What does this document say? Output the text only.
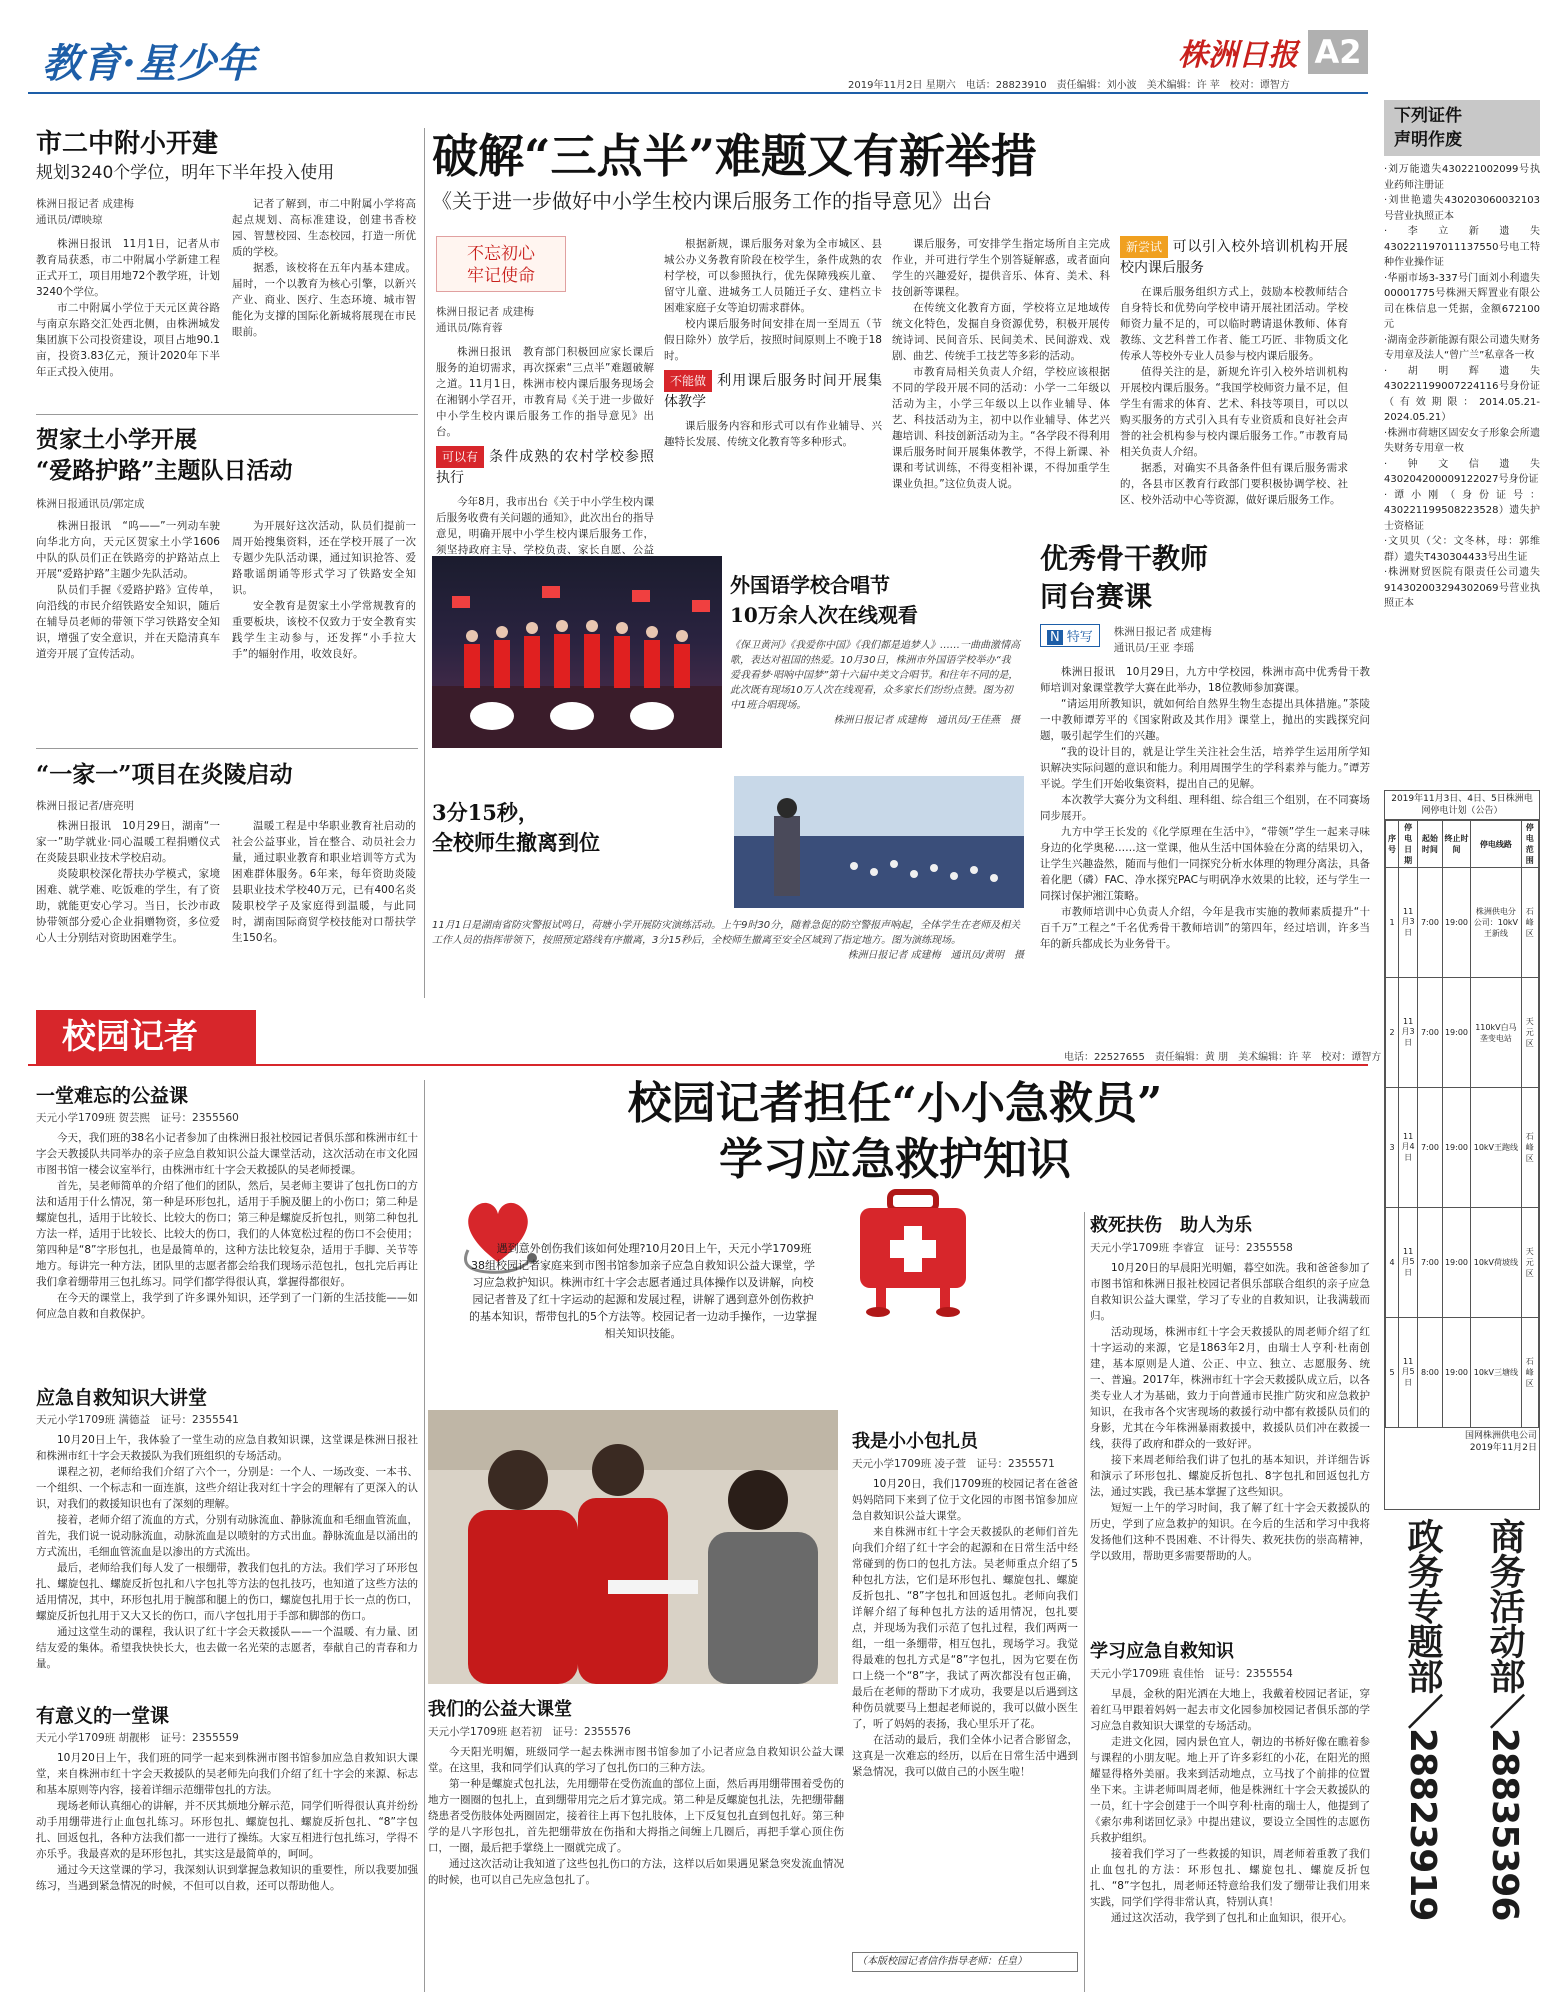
教育·星少年	株洲日报 A2
2019年11月2日 星期六　电话：28823910　责任编辑：刘小波　美术编辑：许 苹　校对：谭智方
市二中附小开建
规划3240个学位，明年下半年投入使用
株洲日报记者 成建梅
通讯员/谭映琼

株洲日报讯　11月1日，记者从市教育局获悉，市二中附属小学新建工程正式开工，项目用地72个教学班，计划3240个学位。

市二中附属小学位于天元区黄谷路与南京东路交汇处西北侧，由株洲城发集团旗下公司投资建设，项目占地90.1亩，投资3.83亿元，预计2020年下半年正式投入使用。

记者了解到，市二中附属小学将高起点规划、高标准建设，创建书香校园、智慧校园、生态校园，打造一所优质的学校。

据悉，该校将在五年内基本建成。届时，一个以教育为核心引擎，以新兴产业、商业、医疗、生态环境、城市智能化为支撑的国际化新城将展现在市民眼前。

贺家土小学开展
“爱路护路”主题队日活动
株洲日报通讯员/郭定成

株洲日报讯　“呜——”一列动车驶向华北方向，天元区贺家土小学1606中队的队员们正在铁路旁的护路站点上开展“爱路护路”主题少先队活动。

队员们手握《爱路护路》宣传单，向沿线的市民介绍铁路安全知识，随后在辅导员老师的带领下学习铁路安全知识，增强了安全意识，并在天隐清真车道旁开展了宣传活动。

为开展好这次活动，队员们提前一周开始搜集资料，还在学校开展了一次专题少先队活动课，通过知识抢答、爱路歌谣朗诵等形式学习了铁路安全知识。

安全教育是贺家土小学常规教育的重要板块，该校不仅致力于安全教育实践学生主动参与，还发挥“小手拉大手”的辐射作用，收效良好。

“一家一”项目在炎陵启动
株洲日报记者/唐亮明

株洲日报讯　10月29日，湖南“一家一”助学就业·同心温暖工程捐赠仪式在炎陵县职业技术学校启动。

炎陵职校深化帮扶办学模式，家境困难、就学难、吃饭难的学生，有了资助，就能更安心学习。当日，长沙市政协带领部分爱心企业捐赠物资，多位爱心人士分别结对资助困难学生。

温暖工程是中华职业教育社启动的社会公益事业，旨在整合、动员社会力量，通过职业教育和职业培训等方式为困难群体服务。6年来，每年资助炎陵县职业技术学校40万元，已有400名炎陵职校学子及家庭得到温暖，与此同时，湖南国际商贸学校技能对口帮扶学生150名。

破解“三点半”难题又有新举措
《关于进一步做好中小学生校内课后服务工作的指导意见》出台
不忘初心
牢记使命
株洲日报记者 成建梅
通讯员/陈育蓉

株洲日报讯　教育部门积极回应家长课后服务的迫切需求，再次探索“三点半”难题破解之道。11月1日，株洲市校内课后服务现场会在湘钢小学召开，市教育局《关于进一步做好中小学生校内课后服务工作的指导意见》出台。

可以有 条件成熟的农村学校参照执行

今年8月，我市出台《关于中小学生校内课后服务收费有关问题的通知》，此次出台的指导意见，明确开展中小学生校内课后服务工作，须坚持政府主导、学校负责、家长自愿、公益

根据新规，课后服务对象为全市城区、县城公办义务教育阶段在校学生，条件成熟的农村学校，可以参照执行，优先保障残疾儿童、留守儿童、进城务工人员随迁子女、建档立卡困难家庭子女等迫切需求群体。

校内课后服务时间安排在周一至周五（节假日除外）放学后，按照时间原则上不晚于18时。

不能做 利用课后服务时间开展集体教学

课后服务内容和形式可以有作业辅导、兴趣特长发展、传统文化教育等多种形式。

课后服务，可安排学生指定场所自主完成作业，并可进行学生个别答疑解惑，或者面向学生的兴趣爱好，提供音乐、体育、美术、科技创新等课程。

在传统文化教育方面，学校将立足地域传统文化特色，发掘自身资源优势，积极开展传统诗词、民间音乐、民间美术、民间游戏、戏剧、曲艺、传统手工技艺等多彩的活动。

市教育局相关负责人介绍，学校应该根据不同的学段开展不同的活动：小学一二年级以活动为主，小学三年级以上以作业辅导、体艺、科技活动为主，初中以作业辅导、体艺兴趣培训、科技创新活动为主。“各学段不得利用课后服务时间开展集体教学，不得上新课、补课和考试训练，不得变相补课，不得加重学生课业负担。”这位负责人说。

新尝试 可以引入校外培训机构开展校内课后服务

在课后服务组织方式上，鼓励本校教师结合自身特长和优势向学校申请开展社团活动。学校师资力量不足的，可以临时聘请退休教师、体育教练、文艺科普工作者、能工巧匠、非物质文化传承人等校外专业人员参与校内课后服务。

值得关注的是，新规允许引入校外培训机构开展校内课后服务。“我国学校师资力量不足，但学生有需求的体育、艺术、科技等项目，可以以购买服务的方式引入具有专业资质和良好社会声誉的社会机构参与校内课后服务工作。”市教育局相关负责人介绍。

据悉，对确实不具备条件但有课后服务需求的，各县市区教育行政部门要积极协调学校、社区、校外活动中心等资源，做好课后服务工作。

外国语学校合唱节
10万余人次在线观看
《保卫黄河》《我爱你中国》《我们都是追梦人》……一曲曲激情高歌，表达对祖国的热爱。10月30日，株洲市外国语学校举办“我爱我看梦·唱响中国梦”第十六届中美文合唱节。和往年不同的是，此次既有现场10万人次在线观看，众多家长们纷纷点赞。图为初中1班合唱现场。
株洲日报记者 成建梅　通讯员/王佳燕　摄
3分15秒，
全校师生撤离到位
11月1日是湖南省防灾警报试鸣日，荷塘小学开展防灾演练活动。上午9时30分，随着急促的防空警报声响起，全体学生在老师及相关工作人员的指挥带领下，按照预定路线有序撤离，3分15秒后，全校师生撤离至安全区域到了指定地方。图为演练现场。
株洲日报记者 成建梅　通讯员/黄明　摄
优秀骨干教师
同台赛课
N 特写	株洲日报记者 成建梅
通讯员/王亚 李瑶

株洲日报讯　10月29日，九方中学校园，株洲市高中优秀骨干教师培训对象课堂教学大赛在此举办，18位教师参加赛课。

“请运用所教知识，就如何给自然界生物生态提出具体措施。”茶陵一中教师谭芳平的《国家附政及其作用》课堂上，抛出的实践探究问题，吸引起学生们的兴趣。

“我的设计目的，就是让学生关注社会生活，培养学生运用所学知识解决实际问题的意识和能力。利用周围学生的学科素养与能力。”谭芳平说。学生们开始收集资料，提出自己的见解。

本次教学大赛分为文科组、理科组、综合组三个组别，在不同赛场同步展开。

九方中学王长发的《化学原理在生活中》，“带领”学生一起来寻味身边的化学奥秘……这一堂课，他从生活中国体验在分离的结果切入，让学生兴趣盎然，随而与他们一同探究分析水体理的物理分离法，具备着化肥（磷）FAC、净水探究PAC与明矾净水效果的比较，还与学生一同探讨保护湘江策略。

市教师培训中心负责人介绍，今年是我市实施的教师素质提升“十百千万”工程之“千名优秀骨干教师培训”的第四年，经过培训，许多当年的新兵都成长为业务骨干。

下列证件
声明作废
·刘万能遗失430221002099号执业药师注册证
·刘世艳遗失430203060032103号营业执照正本
·李立新遗失430221197011137550号电工特种作业操作证
·华丽市场3-337号门面刘小利遗失00001775号株洲天辉置业有限公司在株信息一凭据，金额672100元
·湖南金莎新能源有限公司遗失财务专用章及法人“曾广兰”私章各一枚
·胡明辉遗失430221199007224116号身份证（有效期限：2014.05.21-2024.05.21）
·株洲市荷塘区固安女子形象会所遗失财务专用章一枚
·钟文信遗失430204200009122027号身份证
·谭小刚（身份证号：430221199508223528）遗失护士资格证
·文贝贝（父：文冬林，母：郭维群）遗失T430304433号出生证
·株洲财贸医院有限责任公司遗失914302003294302069号营业执照正本
2019年11月3日、4日、5日株洲电网停电计划（公告）
序号	停电日期	起始时间	终止时间	停电线路	停电范围
1	11月3日	7:00	19:00	株洲供电分公司：10kV王新线	石峰区
2	11月3日	7:00	19:00	110kV白马垄变电站	天元区
3	11月4日	7:00	19:00	10kV王跑线	石峰区
4	11月5日	7:00	19:00	10kV荷坡线	天元区
5	11月5日	8:00	19:00	10kV三塘线	石峰区
国网株洲供电公司
2019年11月2日
商务活动部／28835396
政务专题部／28823919
校园记者
电话：22527655　责任编辑：黄 朋　美术编辑：许 苹　校对：谭智方
校园记者担任“小小急救员”
学习应急救护知识
遇到意外创伤我们该如何处理?10月20日上午，天元小学1709班38组校园记者家庭来到市图书馆参加亲子应急自救知识公益大课堂，学习应急救护知识。株洲市红十字会志愿者通过具体操作以及讲解，向校园记者普及了红十字运动的起源和发展过程，讲解了遇到意外创伤救护的基本知识，帮带包扎的5个方法等。校园记者一边动手操作，一边掌握相关知识技能。
一堂难忘的公益课
天元小学1709班 贺芸熙　证号：2355560

今天，我们班的38名小记者参加了由株洲日报社校园记者俱乐部和株洲市红十字会天教援队共同举办的亲子应急自救知识公益大课堂活动，这次活动在市文化园市图书馆一楼会议室举行，由株洲市红十字会天救援队的吴老师授课。

首先，吴老师简单的介绍了他们的团队，然后，吴老师主要讲了包扎伤口的方法和适用于什么情况，第一种是环形包扎，适用于手腕及腿上的小伤口；第二种是螺旋包扎，适用于比较长、比较大的伤口；第三种是螺旋反折包扎，则第二种包扎方法一样，适用于比较长、比较大的伤口，我们的人体宽松过程的伤口不会使用；第四种是“8”字形包扎，也是最简单的，这种方法比较复杂，适用于手脚、关节等地方。每讲完一种方法，团队里的志愿者都会给我们现场示范包扎，包扎完后再让我们拿着绷带用三包扎练习。同学们都学得很认真，掌握得都很好。

在今天的课堂上，我学到了许多课外知识，还学到了一门新的生活技能——如何应急自救和自救保护。

应急自救知识大讲堂
天元小学1709班 满德益　证号：2355541

10月20日上午，我体验了一堂生动的应急自救知识课，这堂课是株洲日报社和株洲市红十字会天救援队为我们班组织的专场活动。

课程之初，老师给我们介绍了六个一，分别是：一个人、一场改变、一本书、一个组织、一个标志和一面连旗，这些介绍让我对红十字会的理解有了更深入的认识，对我们的救援知识也有了深刻的理解。

接着，老师介绍了流血的方式，分别有动脉流血、静脉流血和毛细血管流血，首先，我们说一说动脉流血，动脉流血是以喷射的方式出血。静脉流血是以涌出的方式流出，毛细血管流血是以渗出的方式流出。

最后，老师给我们每人发了一根绷带，教我们包扎的方法。我们学习了环形包扎、螺旋包扎、螺旋反折包扎和八字包扎等方法的包扎技巧，也知道了这些方法的适用情况，其中，环形包扎用于腕部和腿上的伤口，螺旋包扎用于长一点的伤口，螺旋反折包扎用于又大又长的伤口，而八字包扎用于手部和脚部的伤口。

通过这堂生动的课程，我认识了红十字会天救援队——一个温暖、有力量、团结友爱的集体。希望我快快长大，也去做一名光荣的志愿者，奉献自己的青春和力量。

有意义的一堂课
天元小学1709班 胡靓彬　证号：2355559

10月20日上午，我们班的同学一起来到株洲市图书馆参加应急自救知识大课堂，来自株洲市红十字会天救援队的吴老师先向我们介绍了红十字会的来源、标志和基本原则等内容，接着详细示范绷带包扎的方法。

现场老师认真细心的讲解，并不厌其烦地分解示范，同学们听得很认真并纷纷动手用绷带进行止血包扎练习。环形包扎、螺旋包扎、螺旋反折包扎、“8”字包扎、回返包扎，各种方法我们都一一进行了操练。大家互相进行包扎练习，学得不亦乐乎。我最喜欢的是环形包扎，其实这是最简单的，呵呵。

通过今天这堂课的学习，我深刻认识到掌握急救知识的重要性，所以我要加强练习，当遇到紧急情况的时候，不但可以自救，还可以帮助他人。

救死扶伤　助人为乐
天元小学1709班 李睿宣　证号：2355558

10月20日的早晨阳光明媚，暮空如洗。我和爸爸参加了市图书馆和株洲日报社校园记者俱乐部联合组织的亲子应急自救知识公益大课堂，学习了专业的自救知识，让我满载而归。

活动现场，株洲市红十字会天救援队的周老师介绍了红十字运动的来源，它是1863年2月，由瑞士人亨利·杜南创建，基本原则是人道、公正、中立、独立、志愿服务、统一、普遍。2017年，株洲市红十字会天救援队成立后，以各类专业人才为基础，致力于向普通市民推广防灾和应急救护知识，在我市各个灾害现场的救援行动中都有救援队员们的身影，尤其在今年株洲暴雨救援中，救援队员们冲在救援一线，获得了政府和群众的一致好评。

接下来周老师给我们讲了包扎的基本知识，并详细告诉和演示了环形包扎、螺旋反折包扎、8字包扎和回返包扎方法，通过实践，我已基本掌握了这些知识。

短短一上午的学习时间，我了解了红十字会天救援队的历史，学到了应急救护的知识。在今后的生活和学习中我将发扬他们这种不畏困难、不计得失、救死扶伤的崇高精神，学以致用，帮助更多需要帮助的人。

学习应急自救知识
天元小学1709班 袁佳怡　证号：2355554

早晨，金秋的阳光洒在大地上，我戴着校园记者证，穿着红马甲跟着妈妈一起去市文化园参加校园记者俱乐部的学习应急自救知识大课堂的专场活动。

走进文化园，园内景色宜人，朝边的书桥好像在瞧着参与课程的小朋友呢。地上开了许多彩红的小花，在阳光的照耀显得格外美丽。我来到活动地点，立马找了个前排的位置坐下来。主讲老师叫周老师，他是株洲红十字会天救援队的一员，红十字会创建于一个叫亨利·杜南的瑞士人，他提到了《索尔弗利诺回忆录》中提出建议，要设立全国性的志愿伤兵救护组织。

接着我们学习了一些救援的知识，周老师着重教了我们止血包扎的方法：环形包扎、螺旋包扎、螺旋反折包扎、“8”字包扎，周老师还特意给我们发了绷带让我们用来实践，同学们学得非常认真，特别认真！

通过这次活动，我学到了包扎和止血知识，很开心。

我是小小包扎员
天元小学1709班 凌子萱　证号：2355571

10月20日，我们1709班的校园记者在爸爸妈妈陪同下来到了位于文化园的市图书馆参加应急自救知识公益大课堂。

来自株洲市红十字会天救援队的老师们首先向我们介绍了红十字会的起源和在日常生活中经常碰到的伤口的包扎方法。吴老师重点介绍了5种包扎方法，它们是环形包扎、螺旋包扎、螺旋反折包扎、“8”字包扎和回返包扎。老师向我们详解介绍了每种包扎方法的适用情况，包扎要点，并现场为我们示范了包扎过程，我们两两一组，一组一条绷带，相互包扎，现场学习。我觉得最难的包扎方式是“8”字包扎，因为它要在伤口上绕一个“8”字，我试了两次都没有包正确，最后在老师的帮助下才成功，我要是以后遇到这种伤员就要马上想起老师说的，我可以做小医生了，听了妈妈的表扬，我心里乐开了花。

在活动的最后，我们全体小记者合影留念，这真是一次难忘的经历，以后在日常生活中遇到紧急情况，我可以做自己的小医生啦！

我们的公益大课堂
天元小学1709班 赵若初　证号：2355576

今天阳光明媚，班级同学一起去株洲市图书馆参加了小记者应急自救知识公益大课堂。在这里，我和同学们认真的学习了包扎伤口的三种方法。

第一种是螺旋式包扎法，先用绷带在受伤流血的部位上面，然后再用绷带围着受伤的地方一圈圈的包扎上，直到绷带用完之后才算完成。第二种是反螺旋包扎法，先把绷带翻绕患者受伤肢体处两圈固定，接着往上再下包扎肢体，上下反复包扎直到包扎好。第三种学的是八字形包扎，首先把绷带放在伤指和大拇指之间缠上几圈后，再把手掌心顶住伤口，一圈，最后把手掌绕上一圈就完成了。

通过这次活动让我知道了这些包扎伤口的方法，这样以后如果遇见紧急突发流血情况的时候，也可以自己先应急包扎了。

（本版校园记者信作指导老师：任皇）
